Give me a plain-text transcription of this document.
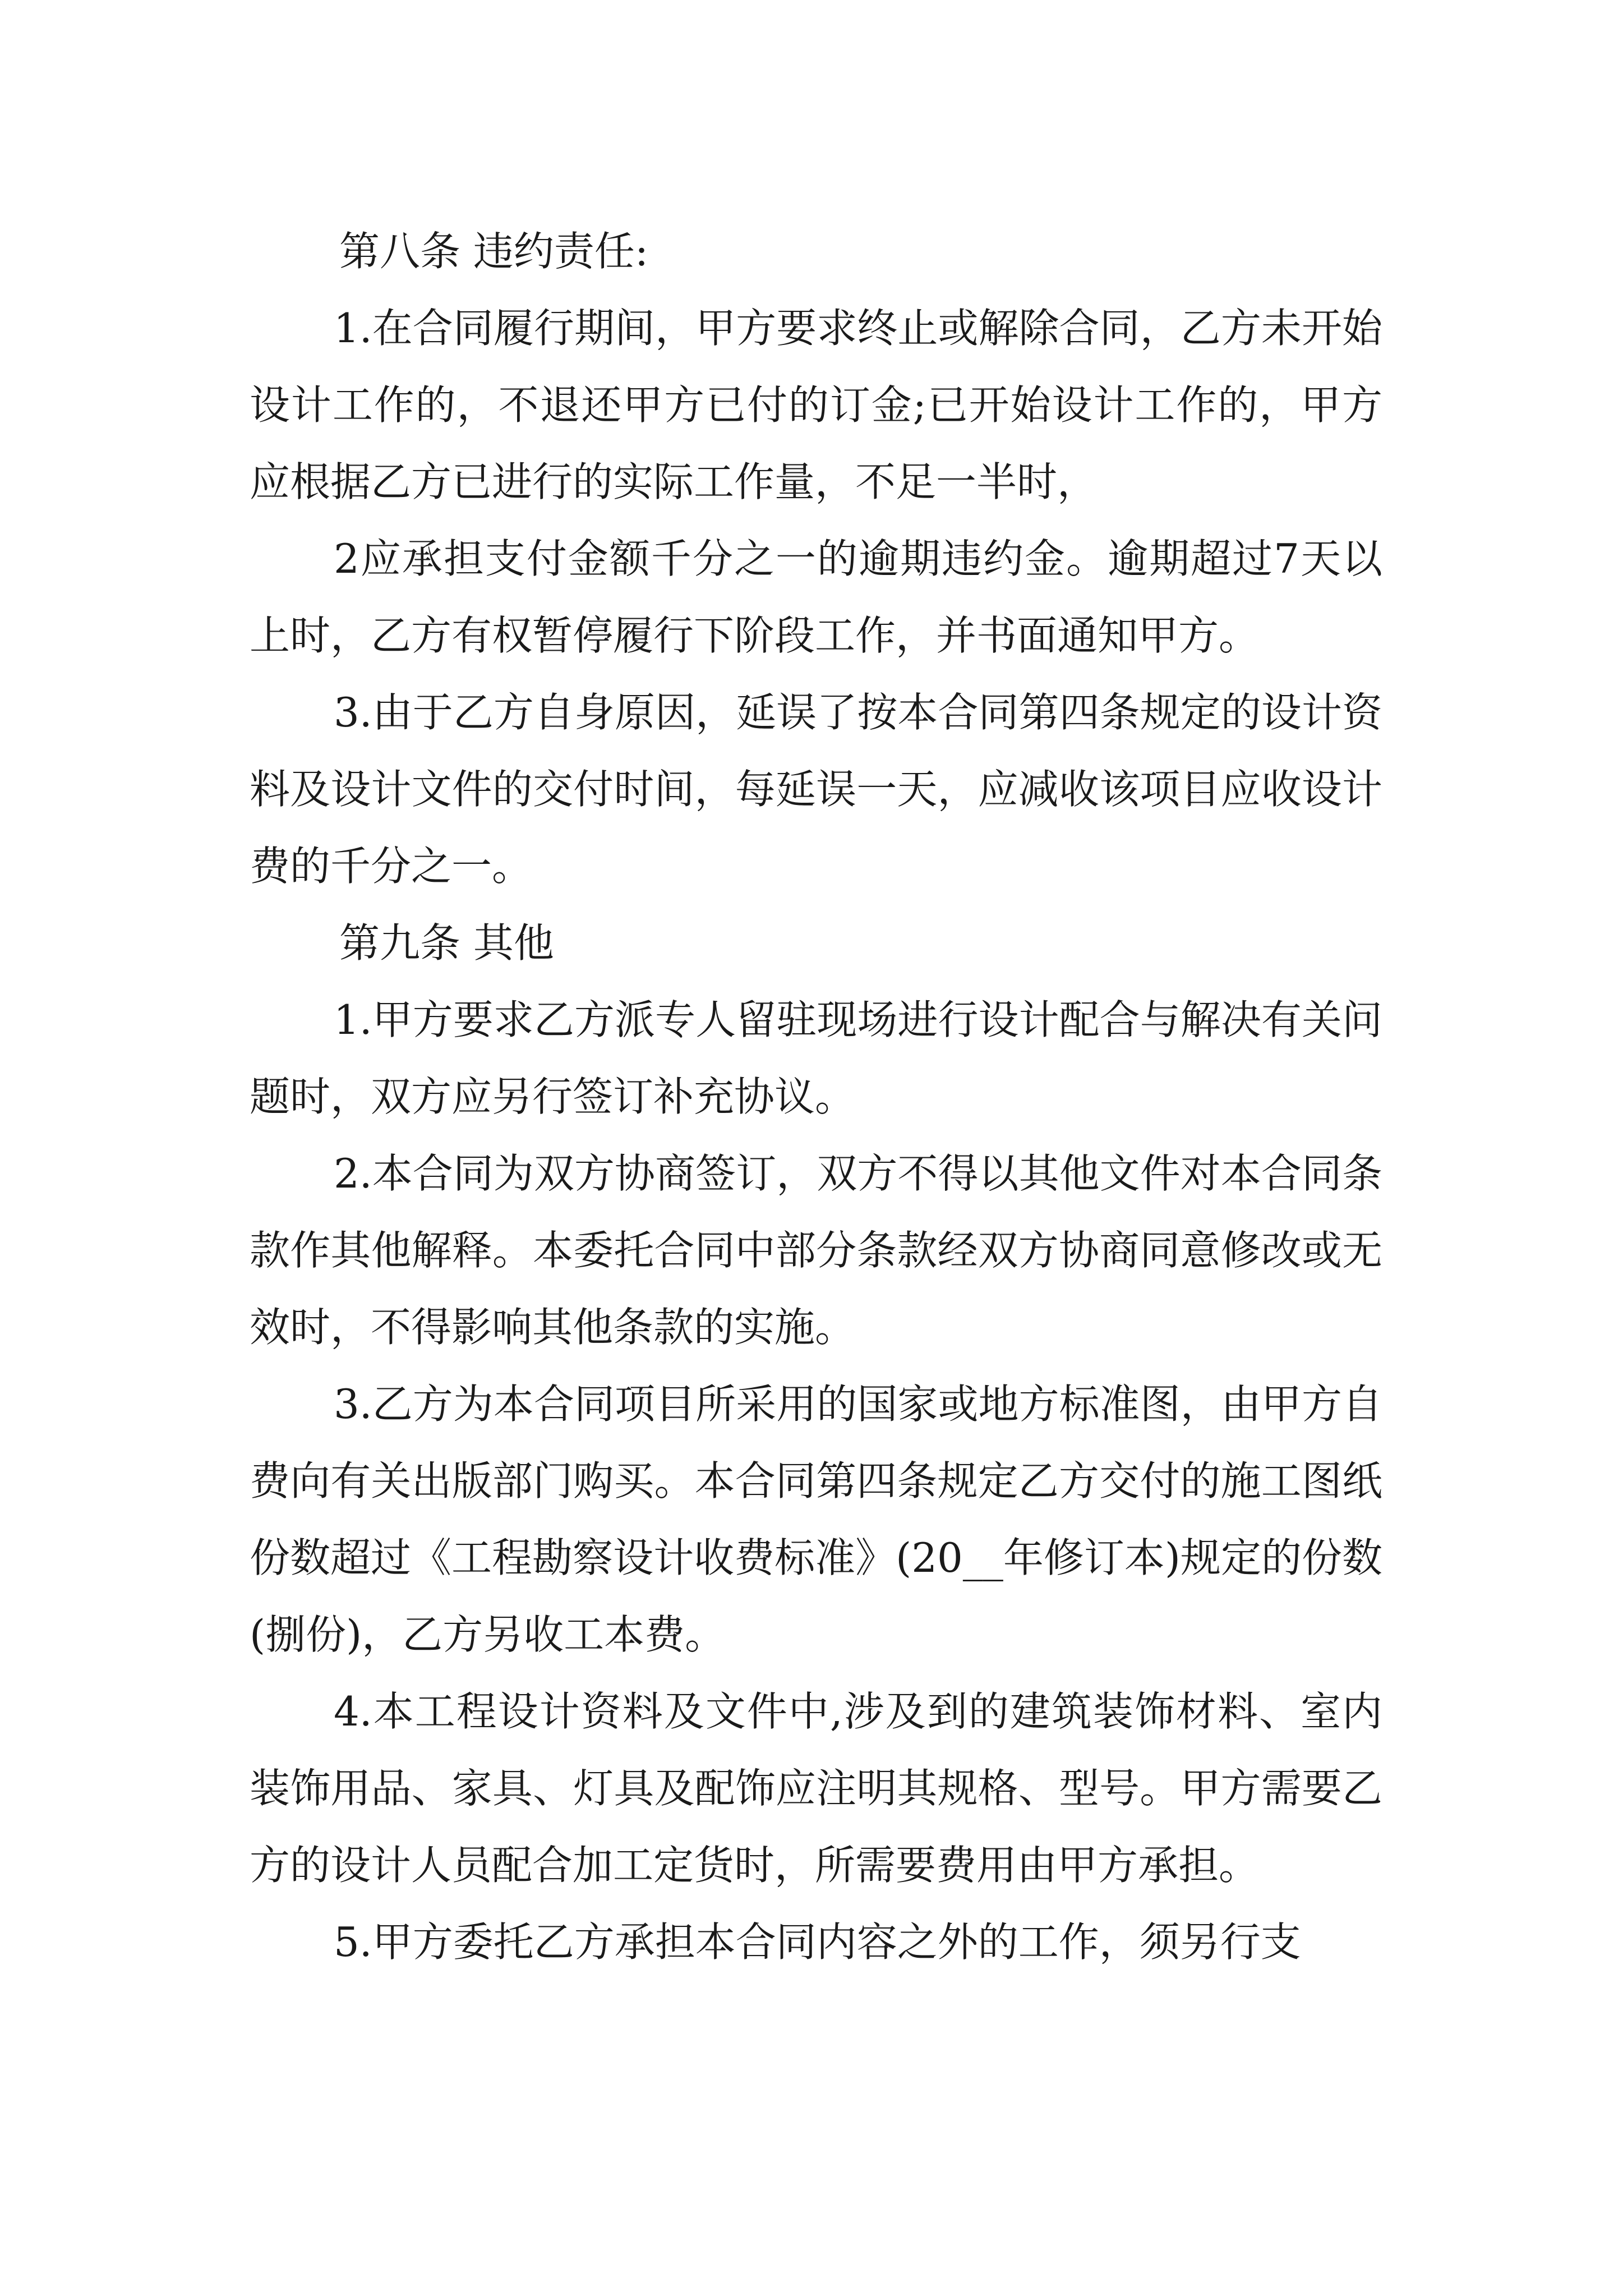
第八条 违约责任:

1.在合同履行期间，甲方要求终止或解除合同，乙方未开始设计工作的，不退还甲方已付的订金;已开始设计工作的，甲方应根据乙方已进行的实际工作量，不足一半时，

2应承担支付金额千分之一的逾期违约金。逾期超过7天以上时，乙方有权暂停履行下阶段工作，并书面通知甲方。

3.由于乙方自身原因，延误了按本合同第四条规定的设计资料及设计文件的交付时间，每延误一天，应减收该项目应收设计费的千分之一。

第九条 其他

1.甲方要求乙方派专人留驻现场进行设计配合与解决有关问题时，双方应另行签订补充协议。

2.本合同为双方协商签订，双方不得以其他文件对本合同条款作其他解释。本委托合同中部分条款经双方协商同意修改或无效时，不得影响其他条款的实施。

3.乙方为本合同项目所采用的国家或地方标准图，由甲方自费向有关出版部门购买。本合同第四条规定乙方交付的施工图纸份数超过《工程勘察设计收费标准》(20__年修订本)规定的份数(捌份)，乙方另收工本费。

4.本工程设计资料及文件中,涉及到的建筑装饰材料、室内装饰用品、家具、灯具及配饰应注明其规格、型号。甲方需要乙方的设计人员配合加工定货时，所需要费用由甲方承担。

5.甲方委托乙方承担本合同内容之外的工作，须另行支
